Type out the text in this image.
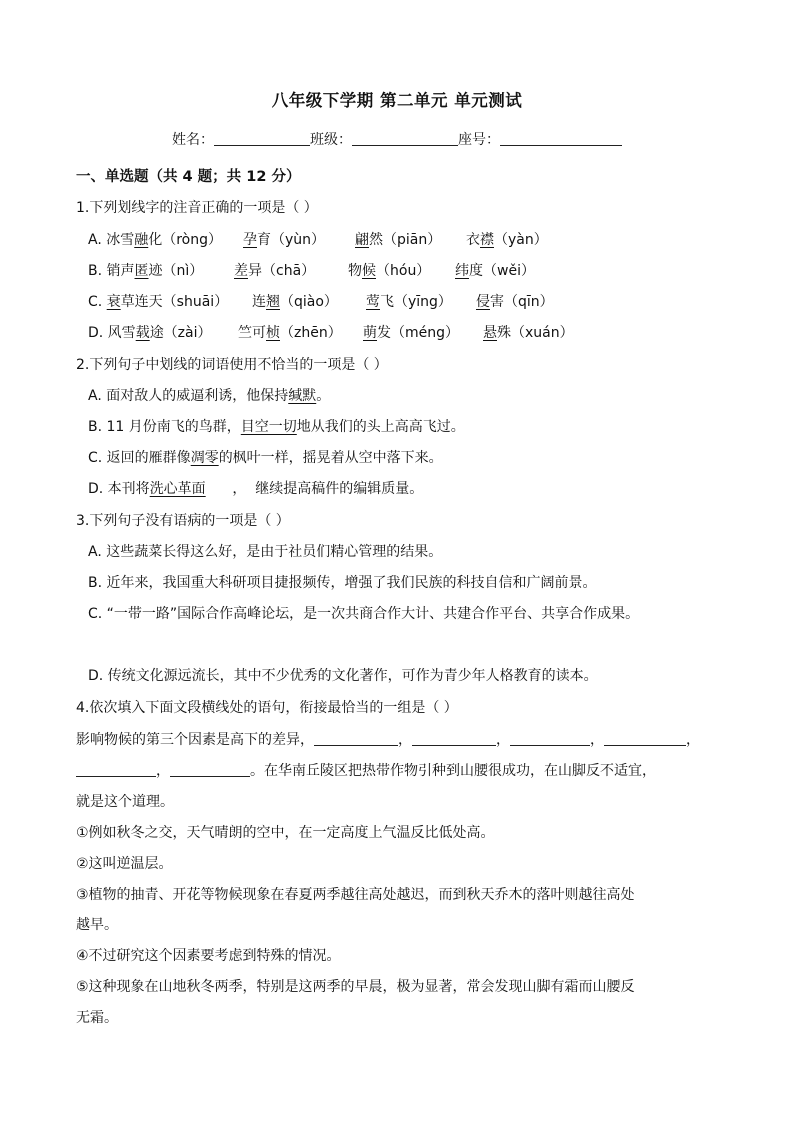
八年级下学期 第二单元 单元测试
姓名：	班级：	座号：
一、单选题（共 4 题；共 12 分）
1.下列划线字的注音正确的一项是（ ）
A. 冰雪融化（ròng） 孕育（yùn） 翩然（piān） 衣襟（yàn）
B. 销声匿迹（nì） 差异（chā） 物候（hóu） 纬度（wěi）
C. 衰草连天（shuāi） 连翘（qiào） 莺飞（yīng） 侵害（qīn）
D. 风雪载途（zài） 竺可桢（zhēn） 萌发（méng） 悬殊（xuán）
2.下列句子中划线的词语使用不恰当的一项是（ ）
A. 面对敌人的威逼利诱，他保持缄默。
B. 11 月份南飞的鸟群，目空一切地从我们的头上高高飞过。
C. 返回的雁群像凋零的枫叶一样，摇晃着从空中落下来。
D. 本刊将洗心革面      ，  继续提高稿件的编辑质量。
3.下列句子没有语病的一项是（ ）
A. 这些蔬菜长得这么好，是由于社员们精心管理的结果。
B. 近年来，我国重大科研项目捷报频传，增强了我们民族的科技自信和广阔前景。
C. “一带一路”国际合作高峰论坛，是一次共商合作大计、共建合作平台、共享合作成果。
D. 传统文化源远流长，其中不少优秀的文化著作，可作为青少年人格教育的读本。
4.依次填入下面文段横线处的语句，衔接最恰当的一组是（ ）
影响物候的第三个因素是高下的差异，	，	，	，	，
，	。在华南丘陵区把热带作物引种到山腰很成功，在山脚反不适宜，
就是这个道理。
①例如秋冬之交，天气晴朗的空中，在一定高度上气温反比低处高。
②这叫逆温层。
③植物的抽青、开花等物候现象在春夏两季越往高处越迟，而到秋天乔木的落叶则越往高处
越早。
④不过研究这个因素要考虑到特殊的情况。
⑤这种现象在山地秋冬两季，特别是这两季的早晨，极为显著，常会发现山脚有霜而山腰反
无霜。
